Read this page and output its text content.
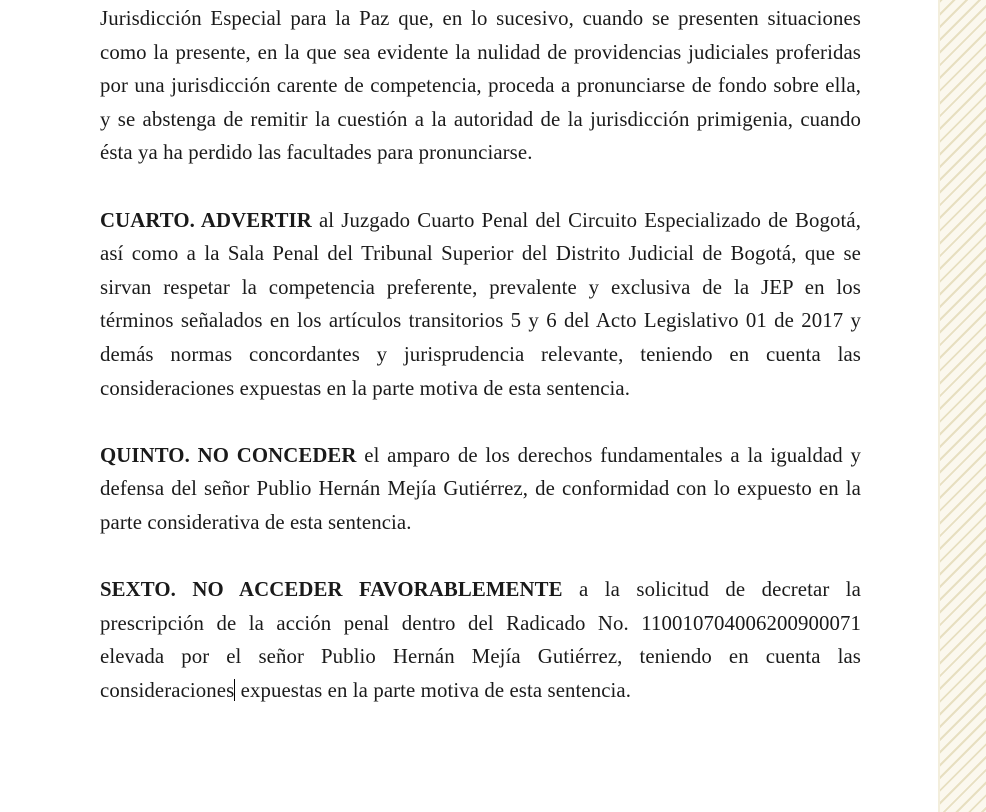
Jurisdicción Especial para la Paz que, en lo sucesivo, cuando se presenten situaciones como la presente, en la que sea evidente la nulidad de providencias judiciales proferidas por una jurisdicción carente de competencia, proceda a pronunciarse de fondo sobre ella, y se abstenga de remitir la cuestión a la autoridad de la jurisdicción primigenia, cuando ésta ya ha perdido las facultades para pronunciarse.

CUARTO. ADVERTIR al Juzgado Cuarto Penal del Circuito Especializado de Bogotá, así como a la Sala Penal del Tribunal Superior del Distrito Judicial de Bogotá, que se sirvan respetar la competencia preferente, prevalente y exclusiva de la JEP en los términos señalados en los artículos transitorios 5 y 6 del Acto Legislativo 01 de 2017 y demás normas concordantes y jurisprudencia relevante, teniendo en cuenta las consideraciones expuestas en la parte motiva de esta sentencia.

QUINTO. NO CONCEDER el amparo de los derechos fundamentales a la igualdad y defensa del señor Publio Hernán Mejía Gutiérrez, de conformidad con lo expuesto en la parte considerativa de esta sentencia.

SEXTO. NO ACCEDER FAVORABLEMENTE a la solicitud de decretar la prescripción de la acción penal dentro del Radicado No. 11001070400620090007​1 elevada por el señor Publio Hernán Mejía Gutiérrez, teniendo en cuenta las consideraciones expuestas en la parte motiva de esta sentencia.
